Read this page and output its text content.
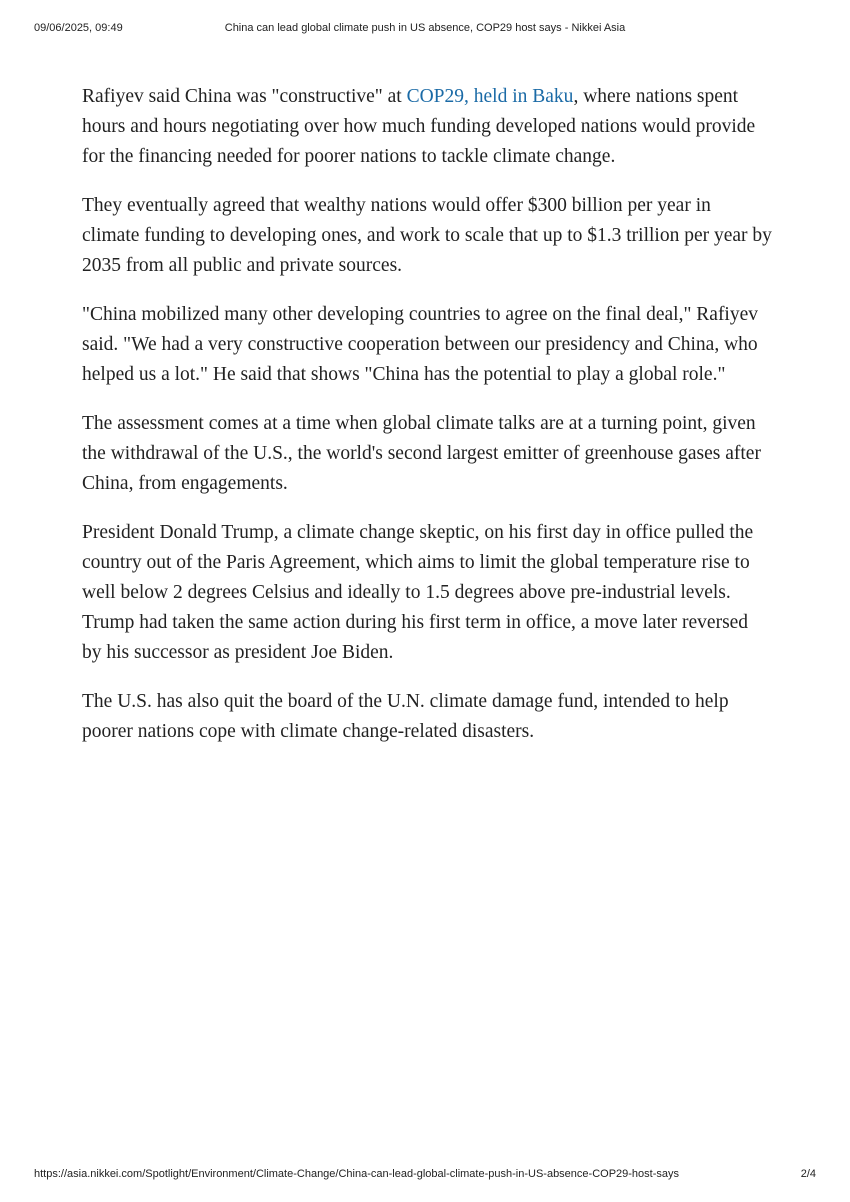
09/06/2025, 09:49	China can lead global climate push in US absence, COP29 host says - Nikkei Asia

Rafiyev said China was "constructive" at COP29, held in Baku, where nations spent hours and hours negotiating over how much funding developed nations would provide for the financing needed for poorer nations to tackle climate change.

They eventually agreed that wealthy nations would offer $300 billion per year in climate funding to developing ones, and work to scale that up to $1.3 trillion per year by 2035 from all public and private sources.

"China mobilized many other developing countries to agree on the final deal," Rafiyev said. "We had a very constructive cooperation between our presidency and China, who helped us a lot." He said that shows "China has the potential to play a global role."

The assessment comes at a time when global climate talks are at a turning point, given the withdrawal of the U.S., the world's second largest emitter of greenhouse gases after China, from engagements.

President Donald Trump, a climate change skeptic, on his first day in office pulled the country out of the Paris Agreement, which aims to limit the global temperature rise to well below 2 degrees Celsius and ideally to 1.5 degrees above pre-industrial levels. Trump had taken the same action during his first term in office, a move later reversed by his successor as president Joe Biden.

The U.S. has also quit the board of the U.N. climate damage fund, intended to help poorer nations cope with climate change-related disasters.

https://asia.nikkei.com/Spotlight/Environment/Climate-Change/China-can-lead-global-climate-push-in-US-absence-COP29-host-says	2/4
